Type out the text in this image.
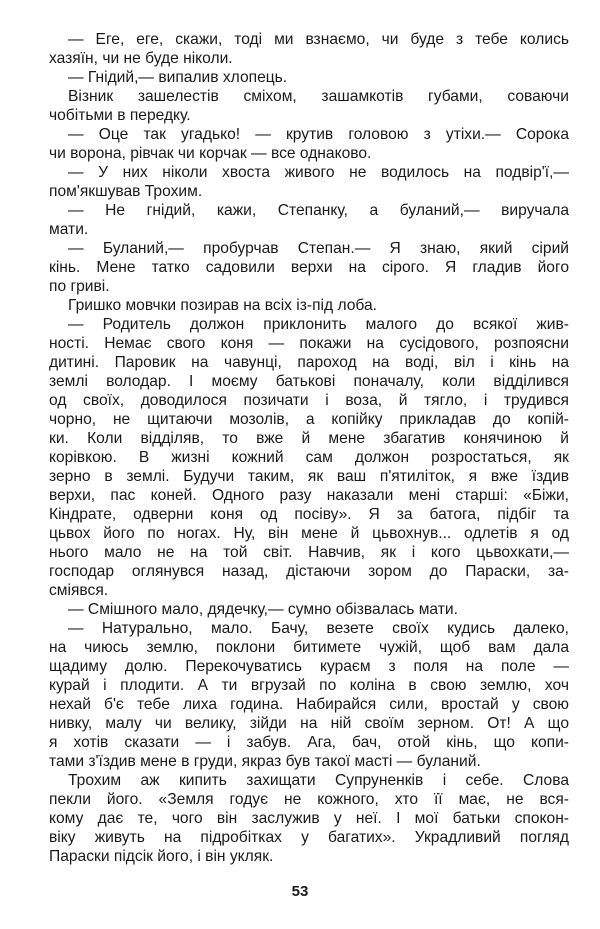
— Еге, еге, скажи, тоді ми взнаємо, чи буде з тебе колись
хазяїн, чи не буде ніколи.
— Гнідий,— випалив хлопець.
Візник зашелестів сміхом, зашамкотів губами, соваючи
чобітьми в передку.
— Оце так угадько! — крутив головою з утіхи.— Сорока
чи ворона, рівчак чи корчак — все однаково.
— У них ніколи хвоста живого не водилось на подвір'ї,—
пом'якшував Трохим.
— Не гнідий, кажи, Степанку, а буланий,— виручала
мати.
— Буланий,— пробурчав Степан.— Я знаю, який сірий
кінь. Мене татко садовили верхи на сірого. Я гладив його
по гриві.
Гришко мовчки позирав на всіх із-під лоба.
— Родитель должон приклонить малого до всякої жив-
ності. Немає свого коня — покажи на сусідового, розпоясни
дитині. Паровик на чавунці, пароход на воді, віл і кінь на
землі володар. І моєму батькові поначалу, коли відділився
од своїх, доводилося позичати і воза, й тягло, і трудився
чорно, не щитаючи мозолів, а копійку прикладав до копій-
ки. Коли відділяв, то вже й мене збагатив конячиною й
корівкою. В жизні кожний сам должон розростаться, як
зерно в землі. Будучи таким, як ваш п'ятиліток, я вже їздив
верхи, пас коней. Одного разу наказали мені старші: «Біжи,
Кіндрате, одверни коня од посіву». Я за батога, підбіг та
цьвох його по ногах. Ну, він мене й цьвохнув... одлетів я од
нього мало не на той світ. Навчив, як і кого цьвохкати,—
господар оглянувся назад, дістаючи зором до Параски, за-
сміявся.
— Смішного мало, дядечку,— сумно обізвалась мати.
— Натурально, мало. Бачу, везете своїх кудись далеко,
на чиюсь землю, поклони битимете чужій, щоб вам дала
щадиму долю. Перекочуватись кураєм з поля на поле —
курай і плодити. А ти вгрузай по коліна в свою землю, хоч
нехай б'є тебе лиха година. Набирайся сили, вростай у свою
нивку, малу чи велику, зійди на ній своїм зерном. От! А що
я хотів сказати — і забув. Ага, бач, отой кінь, що копи-
тами з'їздив мене в груди, якраз був такої масті — буланий.
Трохим аж кипить захищати Супруненків і себе. Слова
пекли його. «Земля годує не кожного, хто її має, не вся-
кому дає те, чого він заслужив у неї. І мої батьки спокон-
віку живуть на підробітках у багатих». Украдливий погляд
Параски підсік його, і він укляк.
53
